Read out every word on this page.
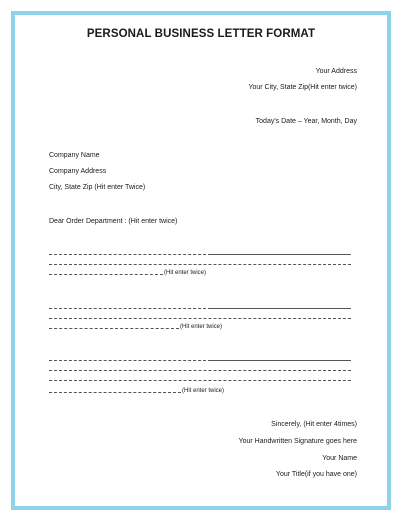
PERSONAL BUSINESS LETTER FORMAT
Your Address
Your City, State Zip(Hit enter twice)
Today's Date – Year, Month, Day
Company Name
Company Address
City, State Zip (Hit enter Twice)
Dear Order Department : (Hit enter twice)
(Hit enter twice)
(Hit enter twice)
(Hit enter twice)
Sincerely, (Hit enter 4times)
Your Handwritten Signature goes here
Your Name
Your Title(if you have one)
